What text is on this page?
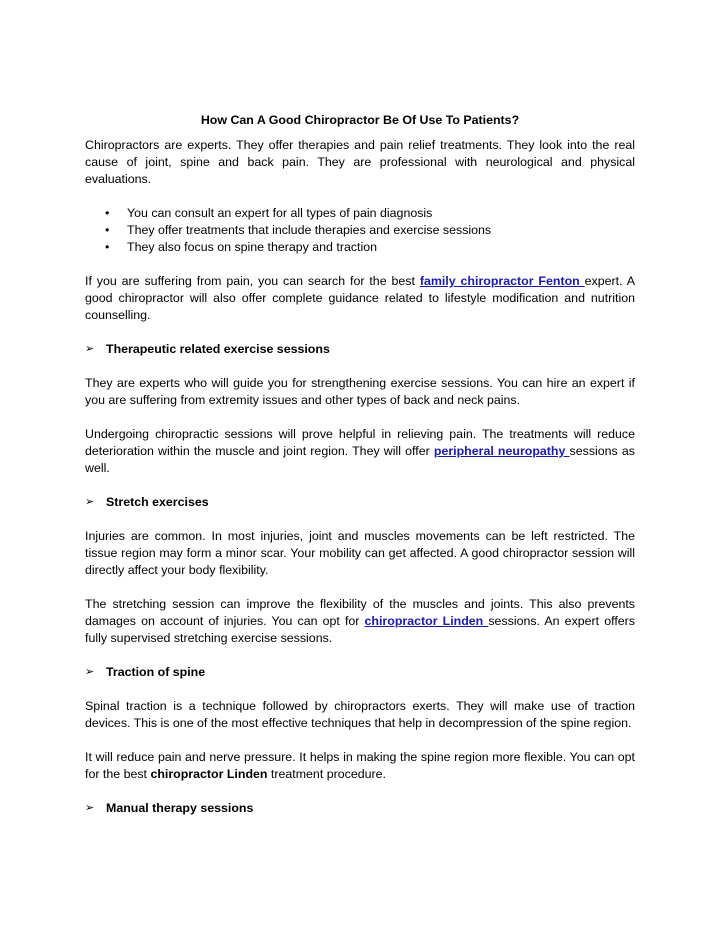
How Can A Good Chiropractor Be Of Use To Patients?

Chiropractors are experts. They offer therapies and pain relief treatments. They look into the real cause of joint, spine and back pain. They are professional with neurological and physical evaluations.

• You can consult an expert for all types of pain diagnosis
• They offer treatments that include therapies and exercise sessions
• They also focus on spine therapy and traction

If you are suffering from pain, you can search for the best family chiropractor Fenton expert. A good chiropractor will also offer complete guidance related to lifestyle modification and nutrition counselling.

➢ Therapeutic related exercise sessions

They are experts who will guide you for strengthening exercise sessions. You can hire an expert if you are suffering from extremity issues and other types of back and neck pains.

Undergoing chiropractic sessions will prove helpful in relieving pain. The treatments will reduce deterioration within the muscle and joint region. They will offer peripheral neuropathy sessions as well.

➢ Stretch exercises

Injuries are common. In most injuries, joint and muscles movements can be left restricted. The tissue region may form a minor scar. Your mobility can get affected. A good chiropractor session will directly affect your body flexibility.

The stretching session can improve the flexibility of the muscles and joints. This also prevents damages on account of injuries. You can opt for chiropractor Linden sessions. An expert offers fully supervised stretching exercise sessions.

➢ Traction of spine

Spinal traction is a technique followed by chiropractors exerts. They will make use of traction devices. This is one of the most effective techniques that help in decompression of the spine region.

It will reduce pain and nerve pressure. It helps in making the spine region more flexible. You can opt for the best chiropractor Linden treatment procedure.

➢ Manual therapy sessions
